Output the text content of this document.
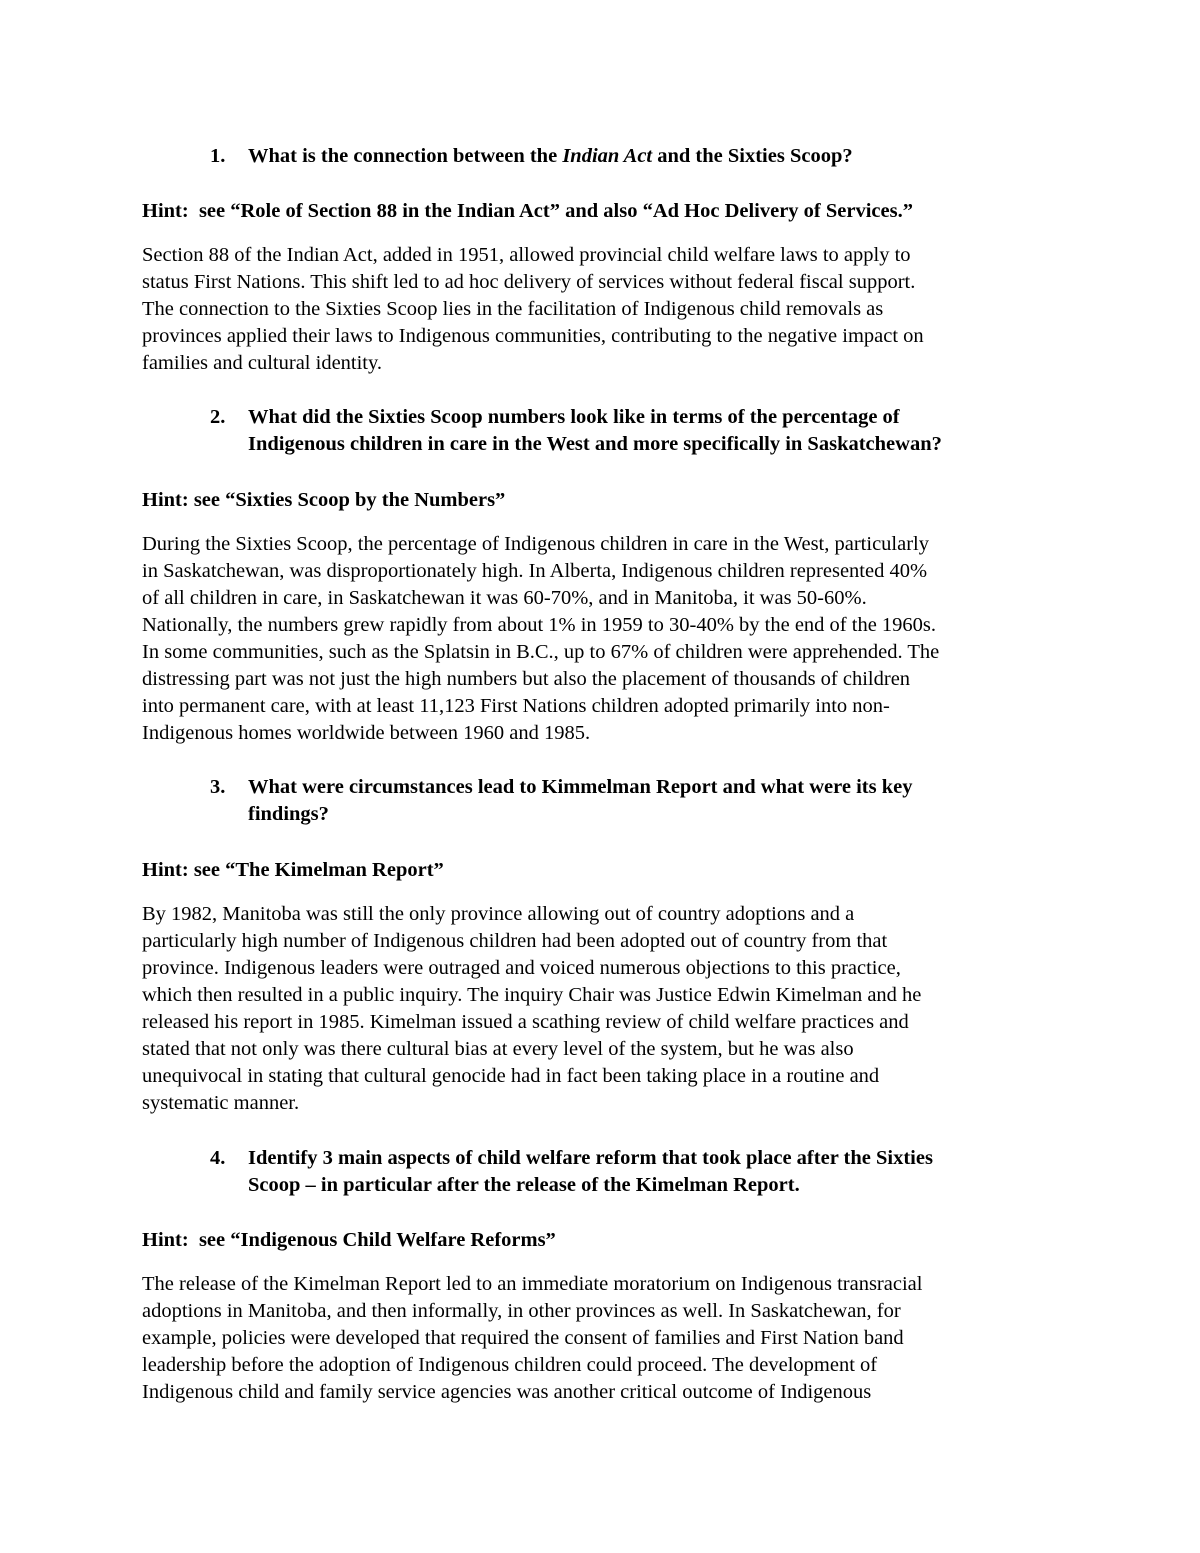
1. What is the connection between the Indian Act and the Sixties Scoop?
Hint:  see “Role of Section 88 in the Indian Act” and also “Ad Hoc Delivery of Services.”
Section 88 of the Indian Act, added in 1951, allowed provincial child welfare laws to apply to
status First Nations. This shift led to ad hoc delivery of services without federal fiscal support.
The connection to the Sixties Scoop lies in the facilitation of Indigenous child removals as
provinces applied their laws to Indigenous communities, contributing to the negative impact on
families and cultural identity.
2. What did the Sixties Scoop numbers look like in terms of the percentage of
Indigenous children in care in the West and more specifically in Saskatchewan?
Hint: see “Sixties Scoop by the Numbers”
During the Sixties Scoop, the percentage of Indigenous children in care in the West, particularly
in Saskatchewan, was disproportionately high. In Alberta, Indigenous children represented 40%
of all children in care, in Saskatchewan it was 60-70%, and in Manitoba, it was 50-60%.
Nationally, the numbers grew rapidly from about 1% in 1959 to 30-40% by the end of the 1960s.
In some communities, such as the Splatsin in B.C., up to 67% of children were apprehended. The
distressing part was not just the high numbers but also the placement of thousands of children
into permanent care, with at least 11,123 First Nations children adopted primarily into non-
Indigenous homes worldwide between 1960 and 1985.
3. What were circumstances lead to Kimmelman Report and what were its key
findings?
Hint: see “The Kimelman Report”
By 1982, Manitoba was still the only province allowing out of country adoptions and a
particularly high number of Indigenous children had been adopted out of country from that
province. Indigenous leaders were outraged and voiced numerous objections to this practice,
which then resulted in a public inquiry. The inquiry Chair was Justice Edwin Kimelman and he
released his report in 1985. Kimelman issued a scathing review of child welfare practices and
stated that not only was there cultural bias at every level of the system, but he was also
unequivocal in stating that cultural genocide had in fact been taking place in a routine and
systematic manner.
4. Identify 3 main aspects of child welfare reform that took place after the Sixties
Scoop – in particular after the release of the Kimelman Report.
Hint:  see “Indigenous Child Welfare Reforms”
The release of the Kimelman Report led to an immediate moratorium on Indigenous transracial
adoptions in Manitoba, and then informally, in other provinces as well. In Saskatchewan, for
example, policies were developed that required the consent of families and First Nation band
leadership before the adoption of Indigenous children could proceed. The development of
Indigenous child and family service agencies was another critical outcome of Indigenous
